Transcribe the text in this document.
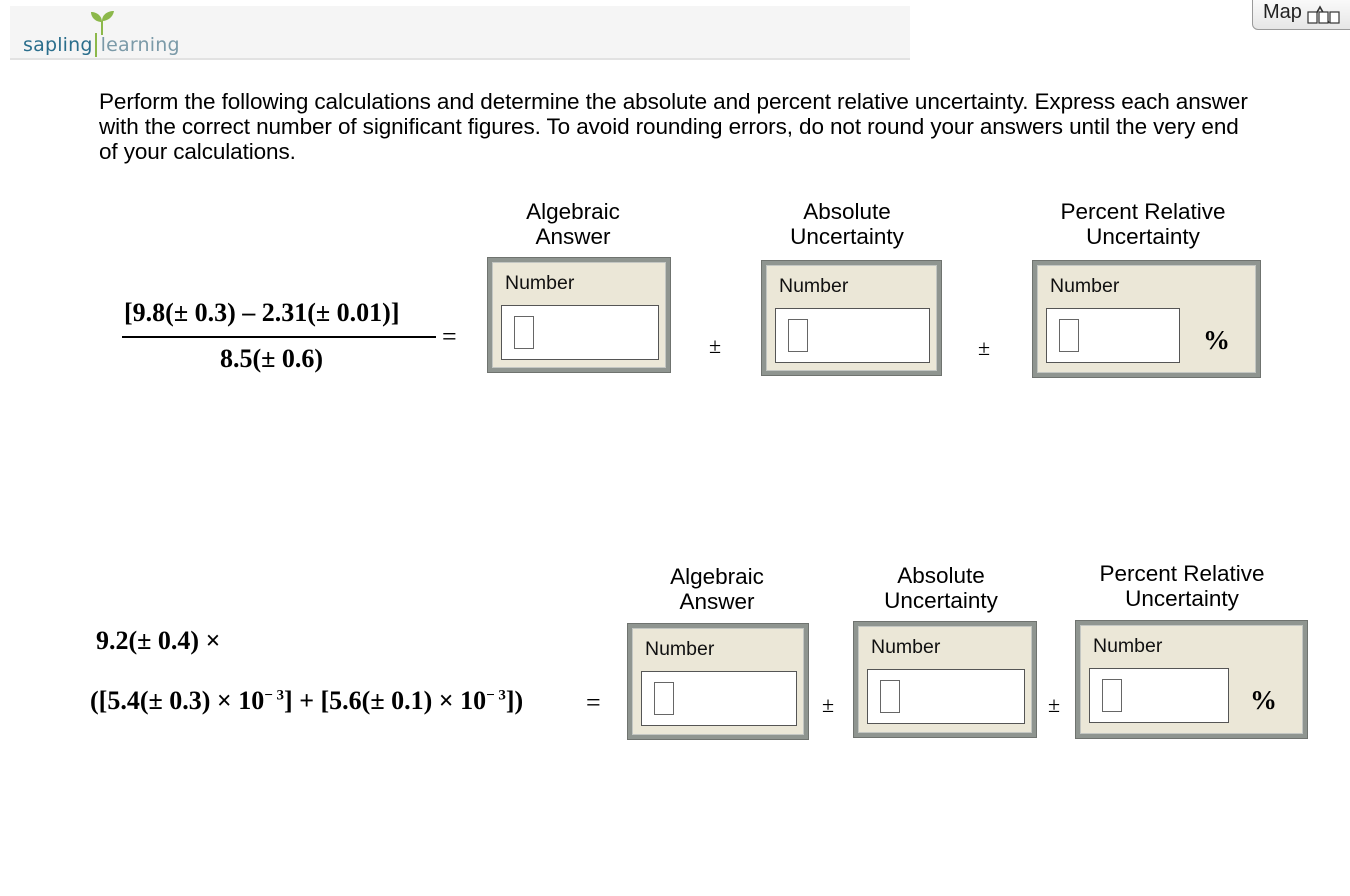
sapling learning
Map
Perform the following calculations and determine the absolute and percent relative uncertainty. Express each answer with the correct number of significant figures. To avoid rounding errors, do not round your answers until the very end of your calculations.
Algebraic
Answer
Absolute
Uncertainty
Percent Relative
Uncertainty
[9.8(± 0.3) – 2.31(± 0.01)]
8.5(± 0.6)
=
Number
±
Number
±
Number
%
Algebraic
Answer
Absolute
Uncertainty
Percent Relative
Uncertainty
9.2(± 0.4) ×
$([5.4(\pm 0.3) \times 10^{- 3}] + [5.6(\pm 0.1) \times 10^{- 3}])$ =
Number
±
Number
±
Number
%
